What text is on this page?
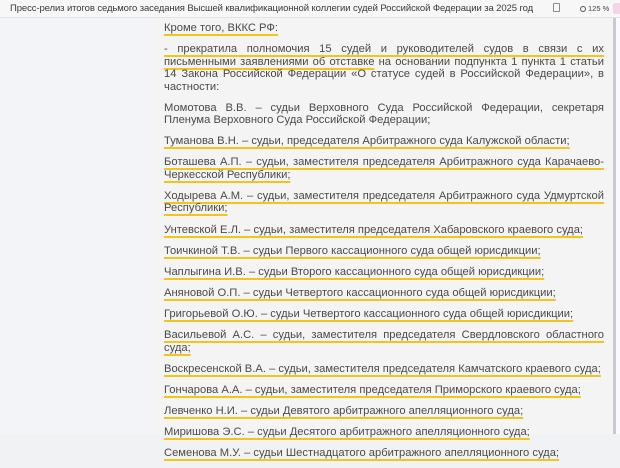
Пресс-релиз итогов седьмого заседания Высшей квалификационной коллегии судей Российской Федерации за 2025 год	125 %

Кроме того, ВККС РФ:

- прекратила полномочия 15 судей и руководителей судов в связи с их письменными заявлениями об отставке на основании подпункта 1 пункта 1 статьи 14 Закона Российской Федерации «О статусе судей в Российской Федерации», в частности:

Момотова В.В. – судьи Верховного Суда Российской Федерации, секретаря Пленума Верховного Суда Российской Федерации;

Туманова В.Н. – судьи, председателя Арбитражного суда Калужской области;

Боташева А.П. – судьи, заместителя председателя Арбитражного суда Карачаево-Черкесской Республики;

Ходырева А.М. – судьи, заместителя председателя Арбитражного суда Удмуртской Республики;

Унтевской Е.Л. – судьи, заместителя председателя Хабаровского краевого суда;

Тоичкиной Т.В. – судьи Первого кассационного суда общей юрисдикции;

Чаплыгина И.В. – судьи Второго кассационного суда общей юрисдикции;

Аняновой О.П. – судьи Четвертого кассационного суда общей юрисдикции;

Григорьевой О.Ю. – судьи Четвертого кассационного суда общей юрисдикции;

Васильевой А.С. – судьи, заместителя председателя Свердловского областного суда;

Воскресенской В.А. – судьи, заместителя председателя Камчатского краевого суда;

Гончарова А.А. – судьи, заместителя председателя Приморского краевого суда;

Левченко Н.И. – судьи Девятого арбитражного апелляционного суда;

Миришова Э.С. – судьи Десятого арбитражного апелляционного суда;

Семенова М.У. – судьи Шестнадцатого арбитражного апелляционного суда;
